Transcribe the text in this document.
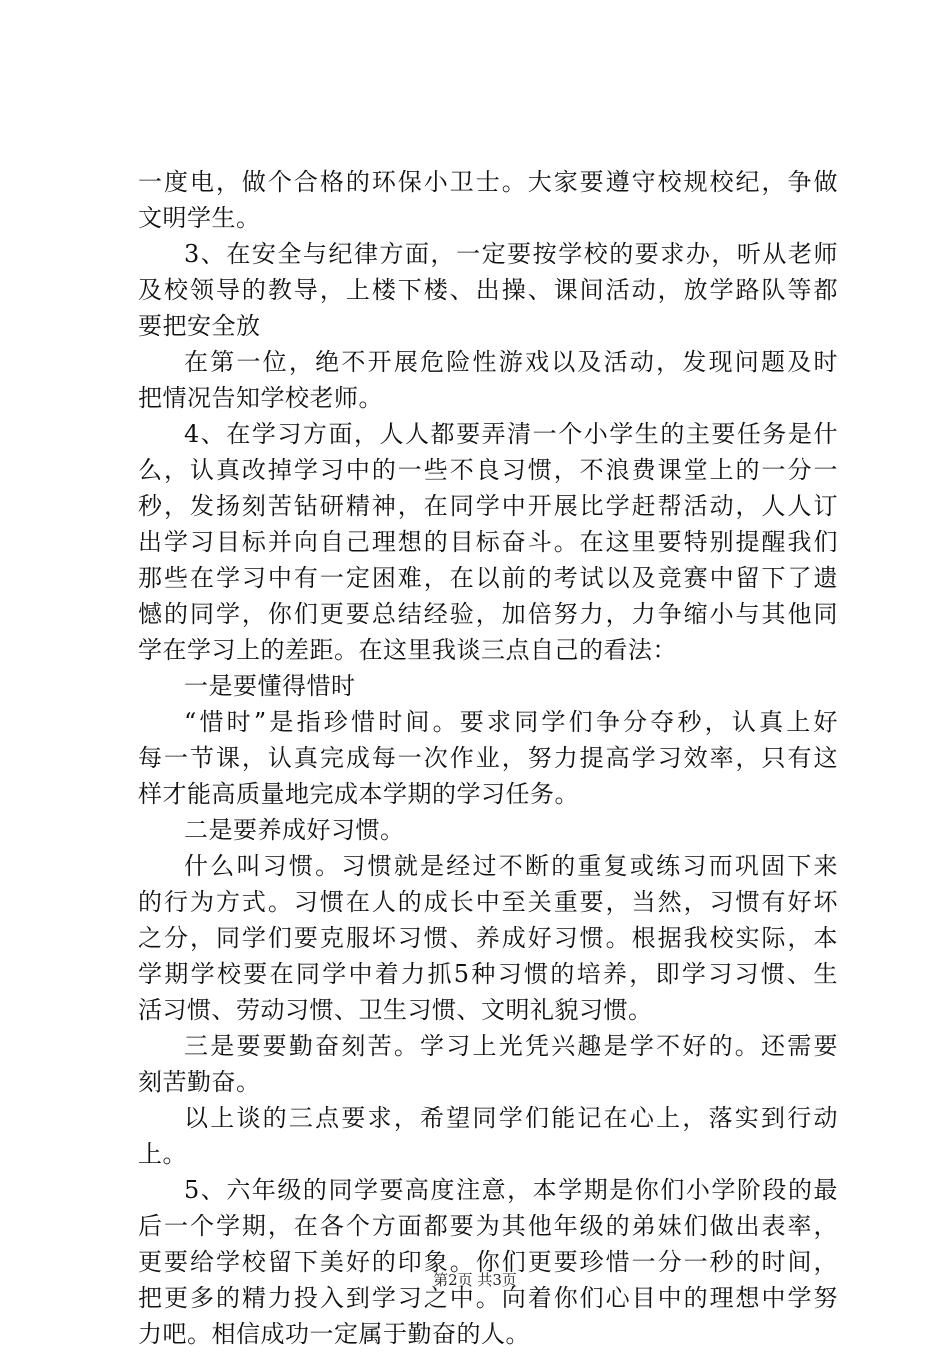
一度电，做个合格的环保小卫士。大家要遵守校规校纪，争做
文明学生。
3、在安全与纪律方面，一定要按学校的要求办，听从老师
及校领导的教导，上楼下楼、出操、课间活动，放学路队等都
要把安全放
在第一位，绝不开展危险性游戏以及活动，发现问题及时
把情况告知学校老师。
4、在学习方面，人人都要弄清一个小学生的主要任务是什
么，认真改掉学习中的一些不良习惯，不浪费课堂上的一分一
秒，发扬刻苦钻研精神，在同学中开展比学赶帮活动，人人订
出学习目标并向自己理想的目标奋斗。在这里要特别提醒我们
那些在学习中有一定困难，在以前的考试以及竞赛中留下了遗
憾的同学，你们更要总结经验，加倍努力，力争缩小与其他同
学在学习上的差距。在这里我谈三点自己的看法：
一是要懂得惜时
“惜时”是指珍惜时间。要求同学们争分夺秒，认真上好
每一节课，认真完成每一次作业，努力提高学习效率，只有这
样才能高质量地完成本学期的学习任务。
二是要养成好习惯。
什么叫习惯。习惯就是经过不断的重复或练习而巩固下来
的行为方式。习惯在人的成长中至关重要，当然，习惯有好坏
之分，同学们要克服坏习惯、养成好习惯。根据我校实际，本
学期学校要在同学中着力抓5种习惯的培养，即学习习惯、生
活习惯、劳动习惯、卫生习惯、文明礼貌习惯。
三是要要勤奋刻苦。学习上光凭兴趣是学不好的。还需要
刻苦勤奋。
以上谈的三点要求，希望同学们能记在心上，落实到行动
上。
5、六年级的同学要高度注意，本学期是你们小学阶段的最
后一个学期，在各个方面都要为其他年级的弟妹们做出表率，
更要给学校留下美好的印象。你们更要珍惜一分一秒的时间，
把更多的精力投入到学习之中。向着你们心目中的理想中学努
力吧。相信成功一定属于勤奋的人。
第2页 共3页
